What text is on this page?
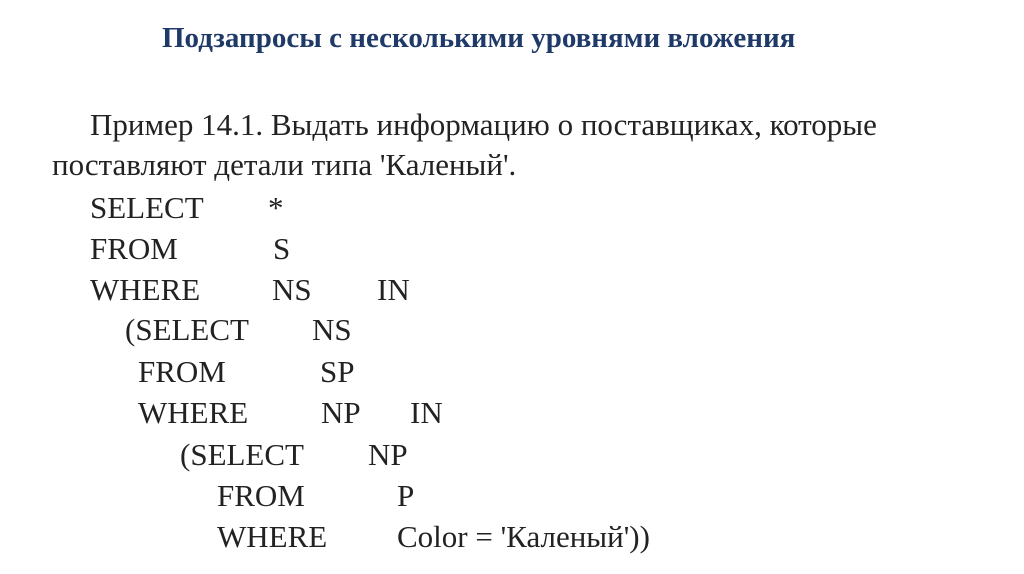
Подзапросы с несколькими уровнями вложения
Пример 14.1. Выдать информацию о поставщиках, которые поставляют детали типа 'Каленый'.
SELECT *
FROM	S
WHERE NS IN
(SELECT NS
FROM	SP
WHERE NP IN
(SELECT NP
FROM	P
WHERE Color = 'Каленый'))
